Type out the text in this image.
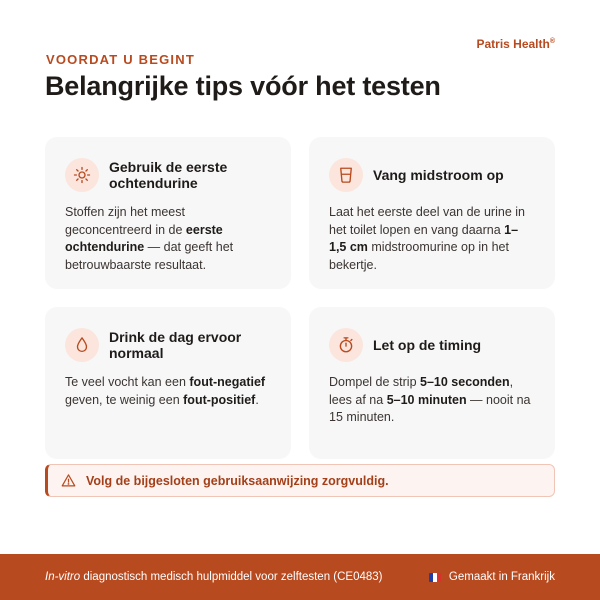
Patris Health®
VOORDAT U BEGINT
Belangrijke tips vóór het testen
Gebruik de eerste ochtendurine

Stoffen zijn het meest geconcentreerd in de eerste ochtendurine — dat geeft het betrouwbaarste resultaat.

Vang midstroom op

Laat het eerste deel van de urine in het toilet lopen en vang daarna 1–1,5 cm midstroomurine op in het bekertje.

Drink de dag ervoor normaal

Te veel vocht kan een fout-negatief geven, te weinig een fout-positief.

Let op de timing

Dompel de strip 5–10 seconden, lees af na 5–10 minuten — nooit na 15 minuten.

Volg de bijgesloten gebruiksaanwijzing zorgvuldig.
In-vitro diagnostisch medisch hulpmiddel voor zelftesten (CE0483)	Gemaakt in Frankrijk
